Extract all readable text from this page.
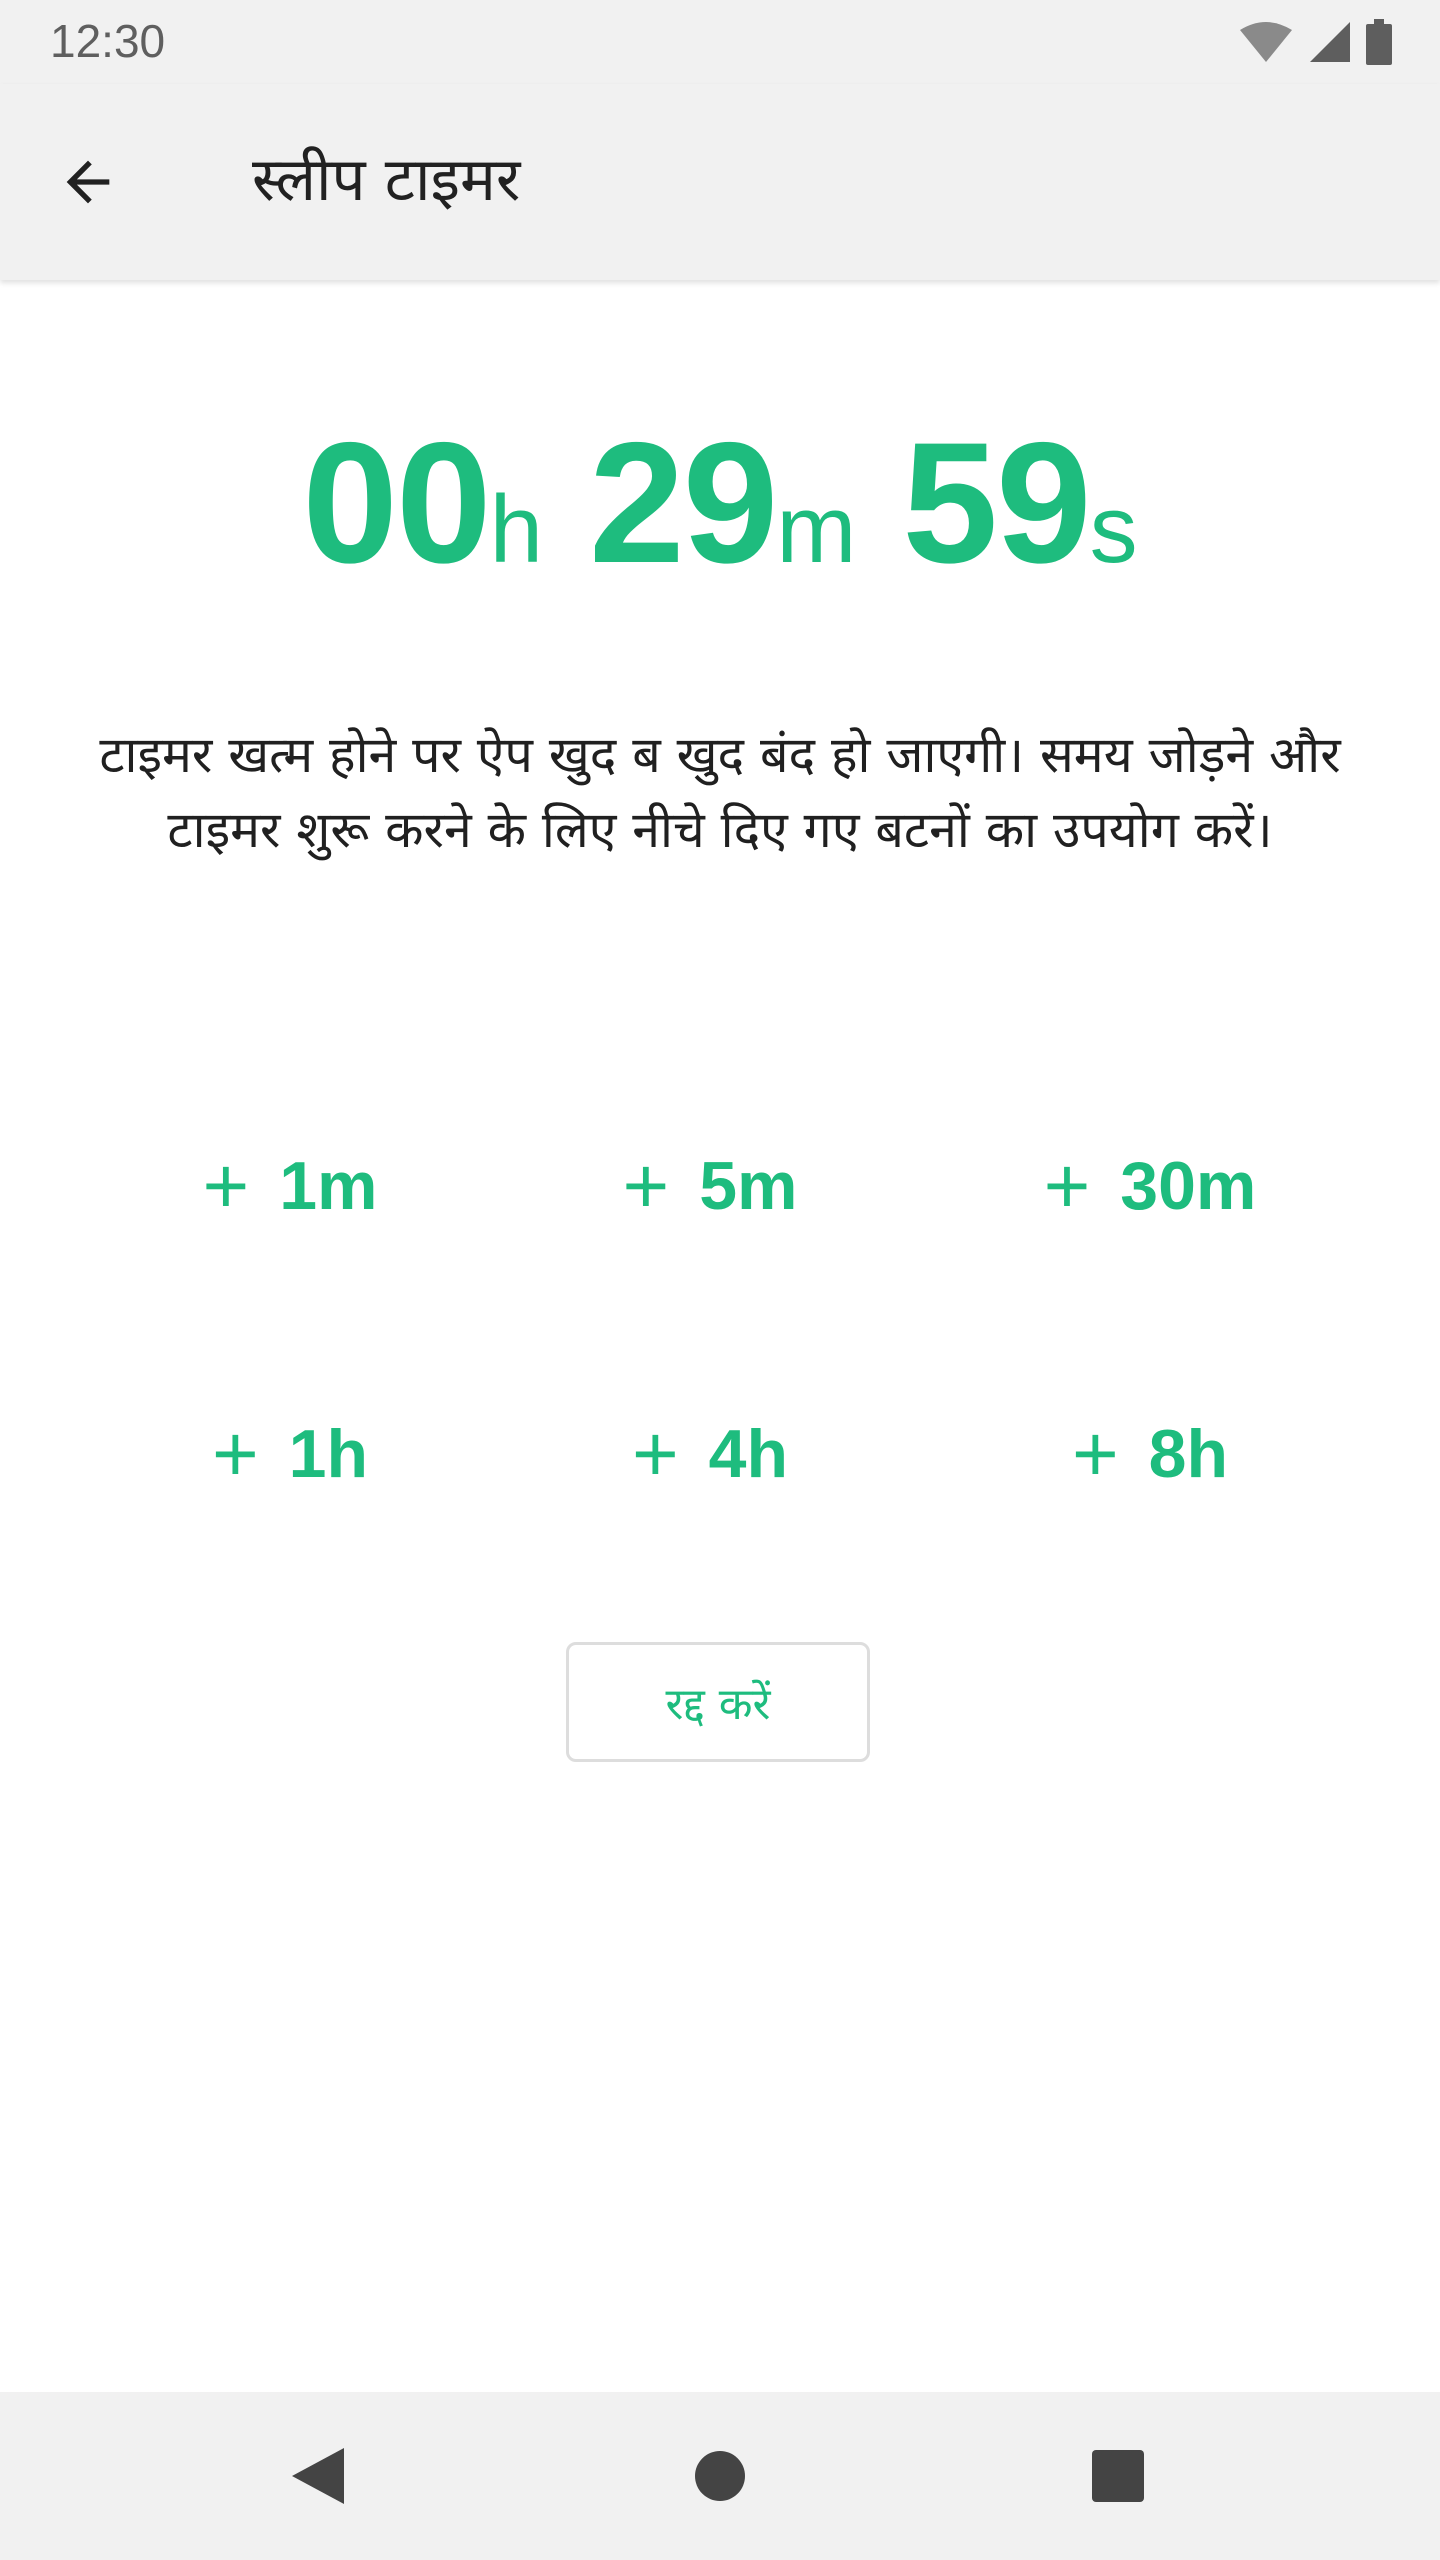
12:30
स्लीप टाइमर
00h 29m 59s
टाइमर खत्म होने पर ऐप खुद ब खुद बंद हो जाएगी। समय जोड़ने और टाइमर शुरू करने के लिए नीचे दिए गए बटनों का उपयोग करें।
+ 1m	+ 5m	+ 30m
+ 1h	+ 4h	+ 8h
रद्द करें
